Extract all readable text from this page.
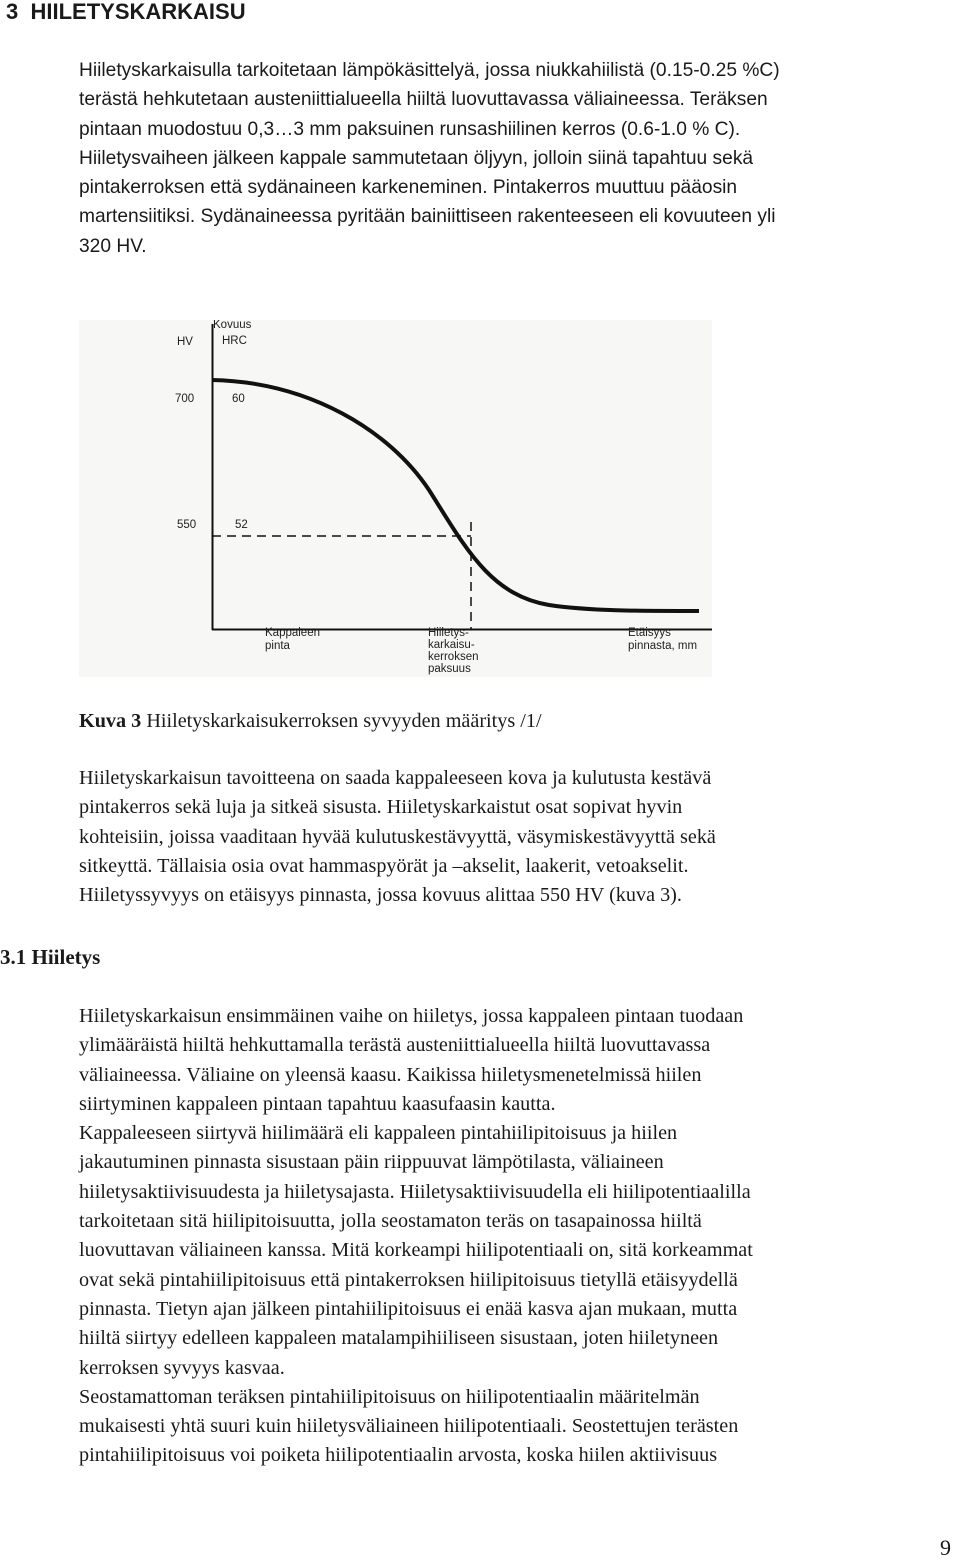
3 HIILETYSKARKAISU
Hiiletyskarkaisulla tarkoitetaan lämpökäsittelyä, jossa niukkahiilistä (0.15-0.25 %C)
terästä hehkutetaan austeniittialueella hiiltä luovuttavassa väliaineessa. Teräksen
pintaan muodostuu 0,3…3 mm paksuinen runsashiilinen kerros (0.6-1.0 % C).
Hiiletysvaiheen jälkeen kappale sammutetaan öljyyn, jolloin siinä tapahtuu sekä
pintakerroksen että sydänaineen karkeneminen. Pintakerros muuttuu pääosin
martensiitiksi. Sydänaineessa pyritään bainiittiseen rakenteeseen eli kovuuteen yli
320 HV.
Kovuus
HV	HRC
700	60
550	52
Kappaleen pinta
Hiiletys- karkaisu- kerroksen paksuus
Etäisyys pinnasta, mm
Kuva 3 Hiiletyskarkaisukerroksen syvyyden määritys /1/
Hiiletyskarkaisun tavoitteena on saada kappaleeseen kova ja kulutusta kestävä
pintakerros sekä luja ja sitkeä sisusta. Hiiletyskarkaistut osat sopivat hyvin
kohteisiin, joissa vaaditaan hyvää kulutuskestävyyttä, väsymiskestävyyttä sekä
sitkeyttä. Tällaisia osia ovat hammaspyörät ja –akselit, laakerit, vetoakselit.
Hiiletyssyvyys on etäisyys pinnasta, jossa kovuus alittaa 550 HV (kuva 3).
3.1 Hiiletys
Hiiletyskarkaisun ensimmäinen vaihe on hiiletys, jossa kappaleen pintaan tuodaan
ylimääräistä hiiltä hehkuttamalla terästä austeniittialueella hiiltä luovuttavassa
väliaineessa. Väliaine on yleensä kaasu. Kaikissa hiiletysmenetelmissä hiilen
siirtyminen kappaleen pintaan tapahtuu kaasufaasin kautta.
Kappaleeseen siirtyvä hiilimäärä eli kappaleen pintahiilipitoisuus ja hiilen
jakautuminen pinnasta sisustaan päin riippuuvat lämpötilasta, väliaineen
hiiletysaktiivisuudesta ja hiiletysajasta. Hiiletysaktiivisuudella eli hiilipotentiaalilla
tarkoitetaan sitä hiilipitoisuutta, jolla seostamaton teräs on tasapainossa hiiltä
luovuttavan väliaineen kanssa. Mitä korkeampi hiilipotentiaali on, sitä korkeammat
ovat sekä pintahiilipitoisuus että pintakerroksen hiilipitoisuus tietyllä etäisyydellä
pinnasta. Tietyn ajan jälkeen pintahiilipitoisuus ei enää kasva ajan mukaan, mutta
hiiltä siirtyy edelleen kappaleen matalampihiiliseen sisustaan, joten hiiletyneen
kerroksen syvyys kasvaa.
Seostamattoman teräksen pintahiilipitoisuus on hiilipotentiaalin määritelmän
mukaisesti yhtä suuri kuin hiiletysväliaineen hiilipotentiaali. Seostettujen terästen
pintahiilipitoisuus voi poiketa hiilipotentiaalin arvosta, koska hiilen aktiivisuus
9
